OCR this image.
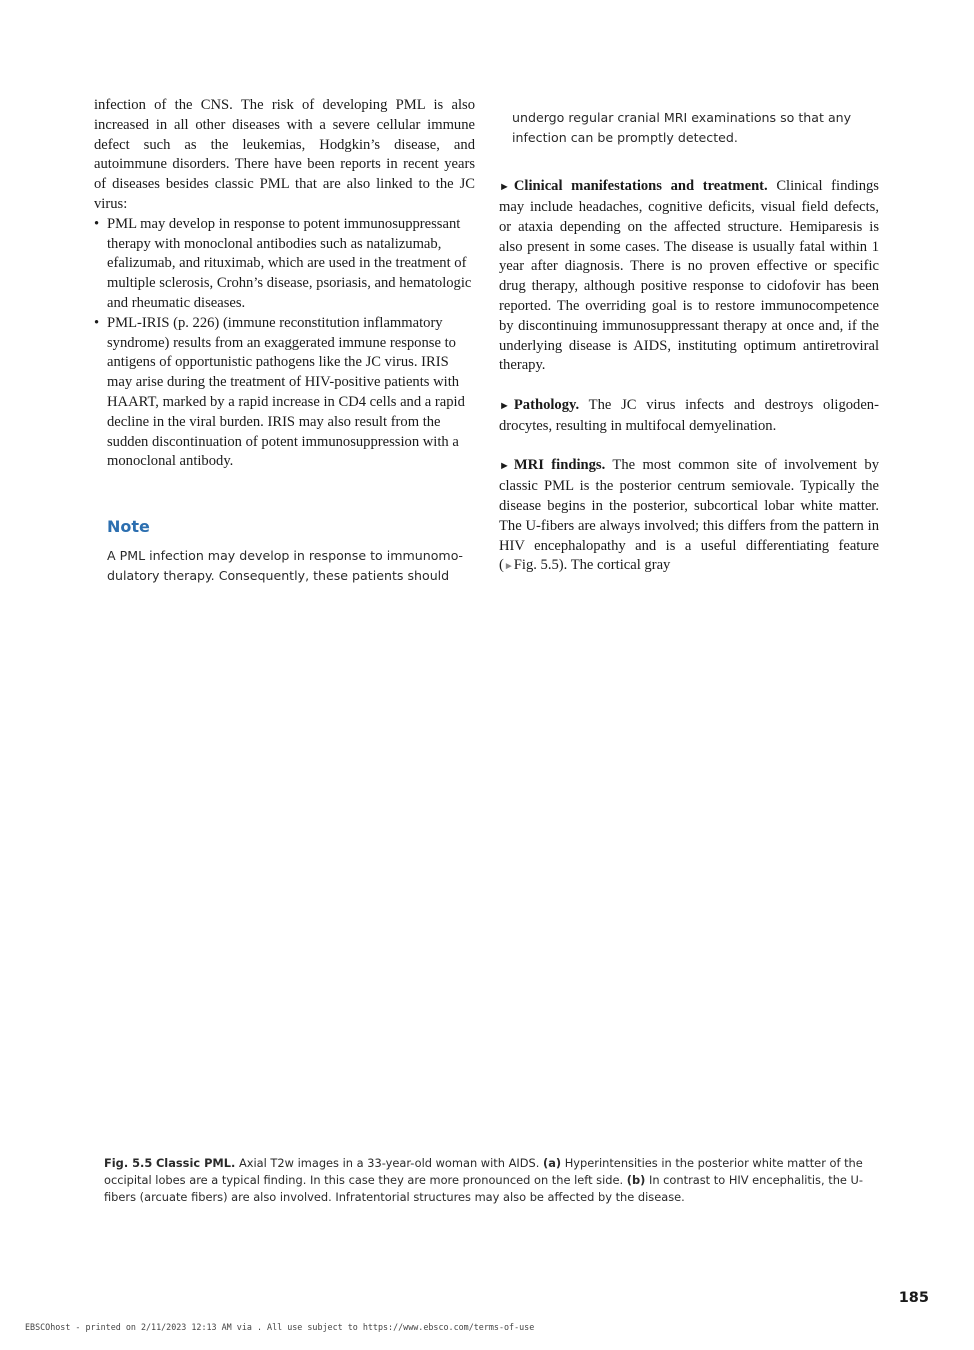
infection of the CNS. The risk of developing PML is also increased in all other diseases with a severe cellular immune defect such as the leukemias, Hodgkin’s disease, and autoimmune disorders. There have been reports in recent years of diseases besides classic PML that are also linked to the JC virus:

• PML may develop in response to potent immunosuppressant therapy with monoclonal antibodies such as natalizumab, efalizumab, and rituximab, which are used in the treatment of multiple sclerosis, Crohn’s disease, psoriasis, and hematologic and rheumatic diseases.
• PML-IRIS (p. 226) (immune reconstitution inflammatory syndrome) results from an exaggerated immune response to antigens of opportunistic pathogens like the JC virus. IRIS may arise during the treatment of HIV-positive patients with HAART, marked by a rapid increase in CD4 cells and a rapid decline in the viral burden. IRIS may also result from the sudden discontinuation of potent immunosuppression with a monoclonal antibody.
Note

A PML infection may develop in response to immunomodulatory therapy. Consequently, these patients should

undergo regular cranial MRI examinations so that any infection can be promptly detected.

► Clinical manifestations and treatment. Clinical findings may include headaches, cognitive deficits, visual field defects, or ataxia depending on the affected structure. Hemiparesis is also present in some cases. The disease is usually fatal within 1 year after diagnosis. There is no proven effective or specific drug therapy, although positive response to cidofovir has been reported. The overriding goal is to restore immunocompetence by discontinuing immunosuppressant therapy at once and, if the underlying disease is AIDS, instituting optimum antiretroviral therapy.

► Pathology. The JC virus infects and destroys oligodendrocytes, resulting in multifocal demyelination.

► MRI findings. The most common site of involvement by classic PML is the posterior centrum semiovale. Typically the disease begins in the posterior, subcortical lobar white matter. The U-fibers are always involved; this differs from the pattern in HIV encephalopathy and is a useful differentiating feature (►Fig. 5.5). The cortical gray

Fig. 5.5 Classic PML. Axial T2w images in a 33-year-old woman with AIDS. (a) Hyperintensities in the posterior white matter of the occipital lobes are a typical finding. In this case they are more pronounced on the left side. (b) In contrast to HIV encephalitis, the U-fibers (arcuate fibers) are also involved. Infratentorial structures may also be affected by the disease.
185
EBSCOhost - printed on 2/11/2023 12:13 AM via . All use subject to https://www.ebsco.com/terms-of-use
